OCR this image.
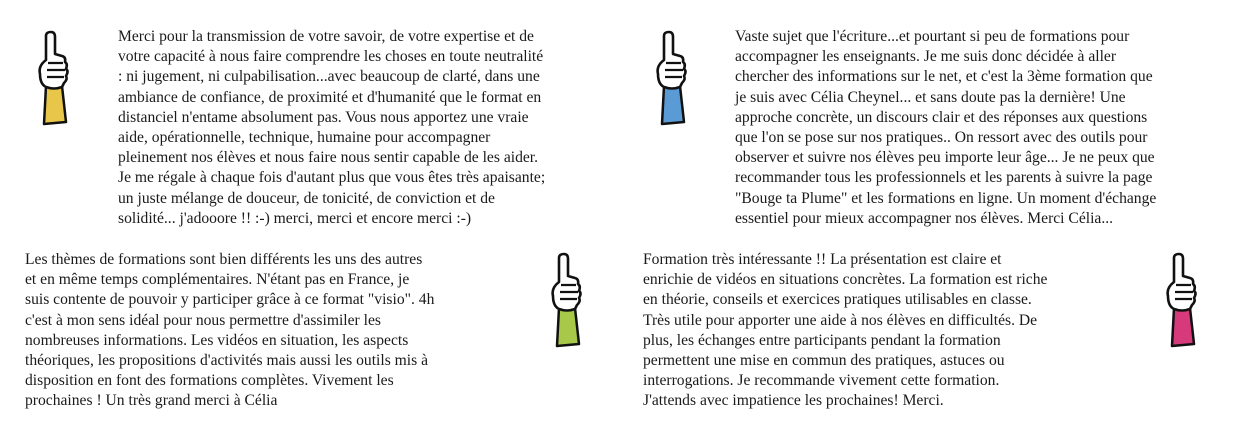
Merci pour la transmission de votre savoir, de votre expertise et de
votre capacité à nous faire comprendre les choses en toute neutralité
: ni jugement, ni culpabilisation...avec beaucoup de clarté, dans une
ambiance de confiance, de proximité et d'humanité que le format en
distanciel n'entame absolument pas. Vous nous apportez une vraie
aide, opérationnelle, technique, humaine pour accompagner
pleinement nos élèves et nous faire nous sentir capable de les aider.
Je me régale à chaque fois d'autant plus que vous êtes très apaisante;
un juste mélange de douceur, de tonicité, de conviction et de
solidité... j'adooore !! :-) merci, merci et encore merci :-)
Vaste sujet que l'écriture...et pourtant si peu de formations pour
accompagner les enseignants. Je me suis donc décidée à aller
chercher des informations sur le net, et c'est la 3ème formation que
je suis avec Célia Cheynel... et sans doute pas la dernière! Une
approche concrète, un discours clair et des réponses aux questions
que l'on se pose sur nos pratiques.. On ressort avec des outils pour
observer et suivre nos élèves peu importe leur âge... Je ne peux que
recommander tous les professionnels et les parents à suivre la page
"Bouge ta Plume" et les formations en ligne. Un moment d'échange
essentiel pour mieux accompagner nos élèves. Merci Célia...
Les thèmes de formations sont bien différents les uns des autres
et en même temps complémentaires. N'étant pas en France, je
suis contente de pouvoir y participer grâce à ce format "visio". 4h
c'est à mon sens idéal pour nous permettre d'assimiler les
nombreuses informations. Les vidéos en situation, les aspects
théoriques, les propositions d'activités mais aussi les outils mis à
disposition en font des formations complètes. Vivement les
prochaines ! Un très grand merci à Célia
Formation très intéressante !! La présentation est claire et
enrichie de vidéos en situations concrètes. La formation est riche
en théorie, conseils et exercices pratiques utilisables en classe.
Très utile pour apporter une aide à nos élèves en difficultés. De
plus, les échanges entre participants pendant la formation
permettent une mise en commun des pratiques, astuces ou
interrogations. Je recommande vivement cette formation.
J'attends avec impatience les prochaines! Merci.
